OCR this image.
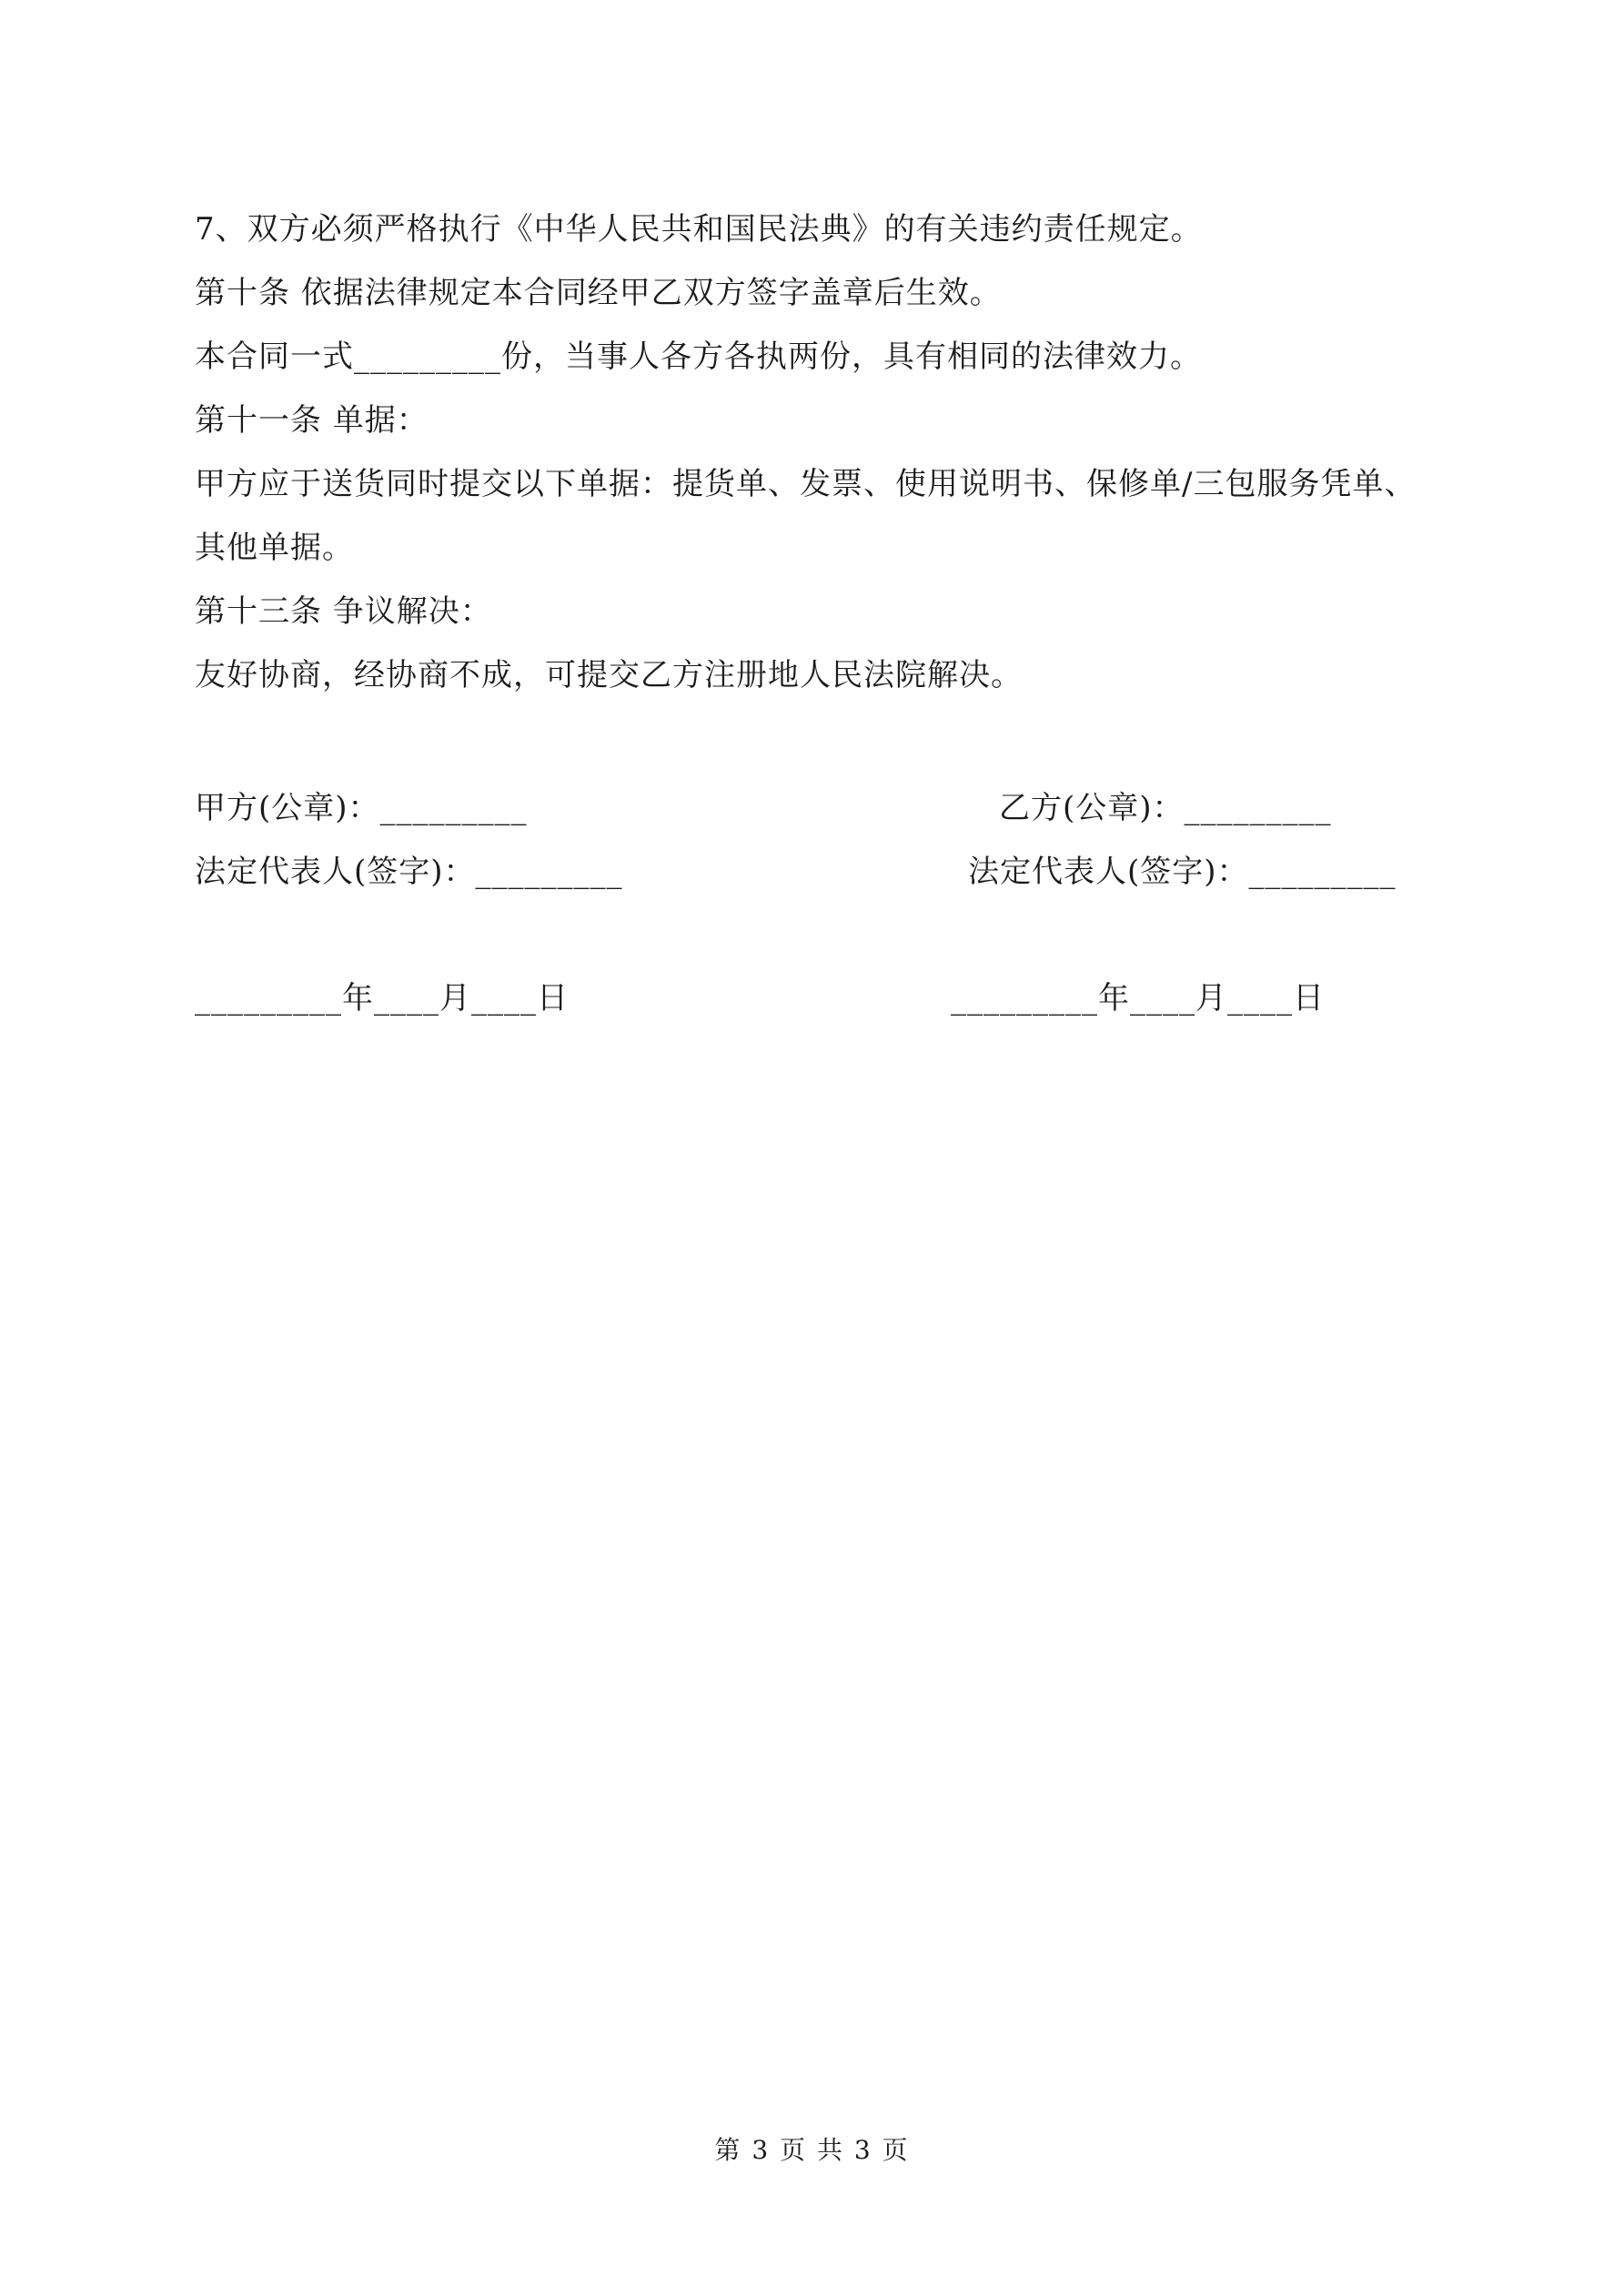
7、双方必须严格执行《中华人民共和国民法典》的有关违约责任规定。
第十条 依据法律规定本合同经甲乙双方签字盖章后生效。
本合同一式_________份，当事人各方各执两份，具有相同的法律效力。
第十一条 单据：
甲方应于送货同时提交以下单据：提货单、发票、使用说明书、保修单/三包服务凭单、
其他单据。
第十三条 争议解决：
友好协商，经协商不成，可提交乙方注册地人民法院解决。
甲方(公章)：_________	乙方(公章)：_________
法定代表人(签字)：_________	法定代表人(签字)：_________
_________年____月____日	_________年____月____日
第 3 页 共 3 页
